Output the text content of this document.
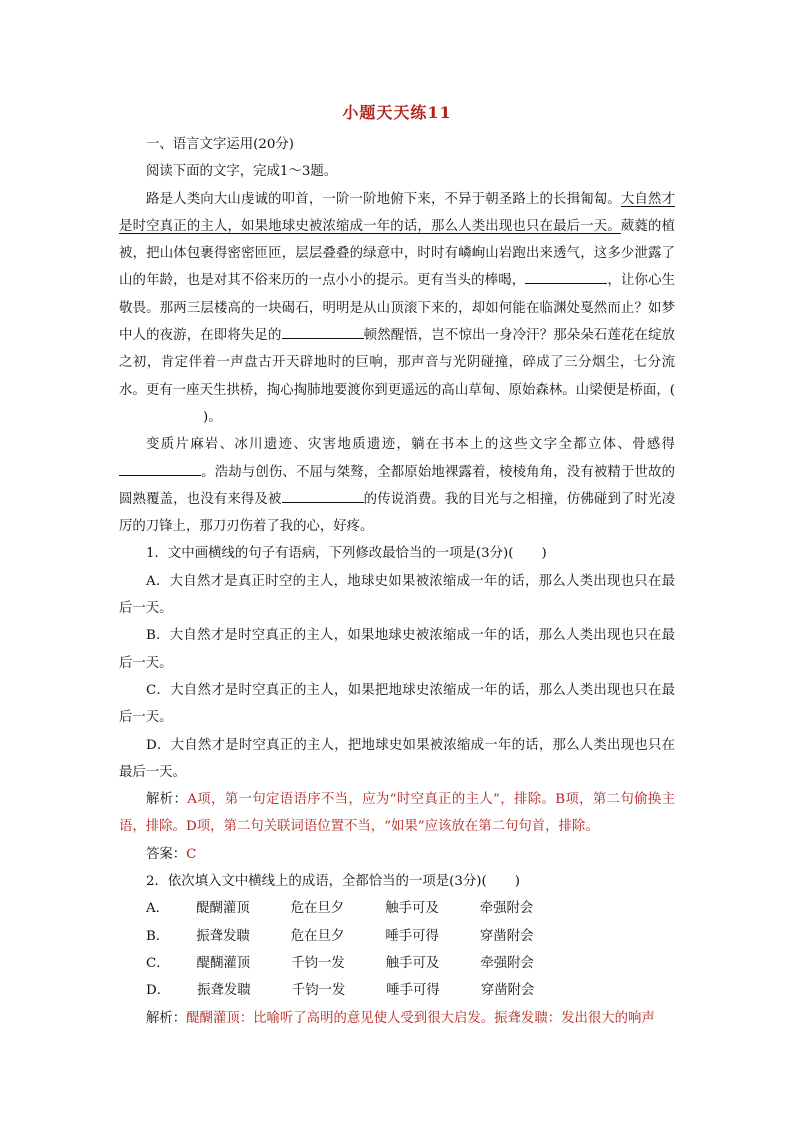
小题天天练11

一、语言文字运用(20分)

阅读下面的文字，完成1～3题。

路是人类向大山虔诚的叩首，一阶一阶地俯下来，不异于朝圣路上的长揖匍匐。大自然才是时空真正的主人，如果地球史被浓缩成一年的话，那么人类出现也只在最后一天。葳蕤的植被，把山体包裹得密密匝匝，层层叠叠的绿意中，时时有嶙峋山岩跑出来透气，这多少泄露了山的年龄，也是对其不俗来历的一点小小的提示。更有当头的棒喝，	，让你心生敬畏。那两三层楼高的一块碣石，明明是从山顶滚下来的，却如何能在临渊处戛然而止？如梦中人的夜游，在即将失足的	顿然醒悟，岂不惊出一身冷汗？那朵朵石莲花在绽放之初，肯定伴着一声盘古开天辟地时的巨响，那声音与光阴碰撞，碎成了三分烟尘，七分流水。更有一座天生拱桥，掏心掏肺地要渡你到更遥远的高山草甸、原始森林。山梁便是桥面，()。

变质片麻岩、冰川遗迹、灾害地质遗迹，躺在书本上的这些文字全都立体、骨感得。浩劫与创伤、不屈与桀骜，全都原始地裸露着，棱棱角角，没有被精于世故的圆熟覆盖，也没有来得及被	的传说消费。我的目光与之相撞，仿佛碰到了时光凌厉的刀锋上，那刀刃伤着了我的心，好疼。

1．文中画横线的句子有语病，下列修改最恰当的一项是(3分)( )

A．大自然才是真正时空的主人，地球史如果被浓缩成一年的话，那么人类出现也只在最后一天。

B．大自然才是时空真正的主人，如果地球史被浓缩成一年的话，那么人类出现也只在最后一天。

C．大自然才是时空真正的主人，如果把地球史浓缩成一年的话，那么人类出现也只在最后一天。

D．大自然才是时空真正的主人，把地球史如果被浓缩成一年的话，那么人类出现也只在最后一天。

解析：A项，第一句定语语序不当，应为“时空真正的主人”，排除。B项，第二句偷换主语，排除。D项，第二句关联词语位置不当，“如果”应该放在第二句句首，排除。

答案：C

2．依次填入文中横线上的成语，全都恰当的一项是(3分)( )

A． 醍醐灌顶	危在旦夕	触手可及	牵强附会

B． 振聋发聩	危在旦夕	唾手可得	穿凿附会

C． 醍醐灌顶	千钧一发	触手可及	牵强附会

D． 振聋发聩	千钧一发	唾手可得	穿凿附会

解析：醍醐灌顶：比喻听了高明的意见使人受到很大启发。振聋发聩：发出很大的响声
